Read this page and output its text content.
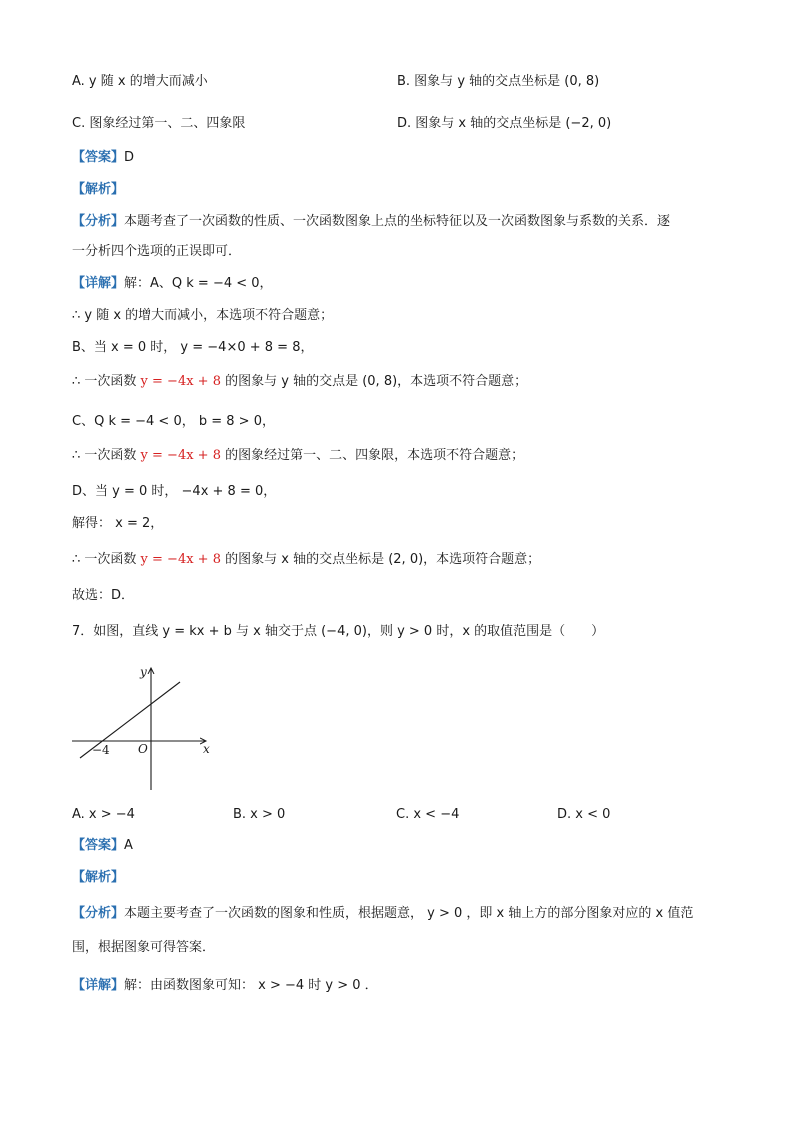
A. y 随 x 的增大而减小	B. 图象与 y 轴的交点坐标是 (0, 8)
C. 图象经过第一、二、四象限	D. 图象与 x 轴的交点坐标是 (−2, 0)
【答案】D
【解析】
【分析】本题考查了一次函数的性质、一次函数图象上点的坐标特征以及一次函数图象与系数的关系．逐
一分析四个选项的正误即可．
【详解】解：A、Q k = −4 < 0，
∴ y 随 x 的增大而减小，本选项不符合题意；
B、当 x = 0 时， y = −4×0 + 8 = 8，
∴ 一次函数 y = −4x + 8 的图象与 y 轴的交点是 (0, 8)，本选项不符合题意；
C、Q k = −4 < 0， b = 8 > 0，
∴ 一次函数 y = −4x + 8 的图象经过第一、二、四象限，本选项不符合题意；
D、当 y = 0 时， −4x + 8 = 0，
解得： x = 2，
∴ 一次函数 y = −4x + 8 的图象与 x 轴的交点坐标是 (2, 0)，本选项符合题意；
故选：D．
7．如图，直线 y = kx + b 与 x 轴交于点 (−4, 0)，则 y > 0 时，x 的取值范围是（　　）
x
y
O
−4
A. x > −4	B. x > 0	C. x < −4	D. x < 0
【答案】A
【解析】
【分析】本题主要考查了一次函数的图象和性质，根据题意， y > 0 ，即 x 轴上方的部分图象对应的 x 值范
围，根据图象可得答案．
【详解】解：由函数图象可知： x > −4 时 y > 0 ．
